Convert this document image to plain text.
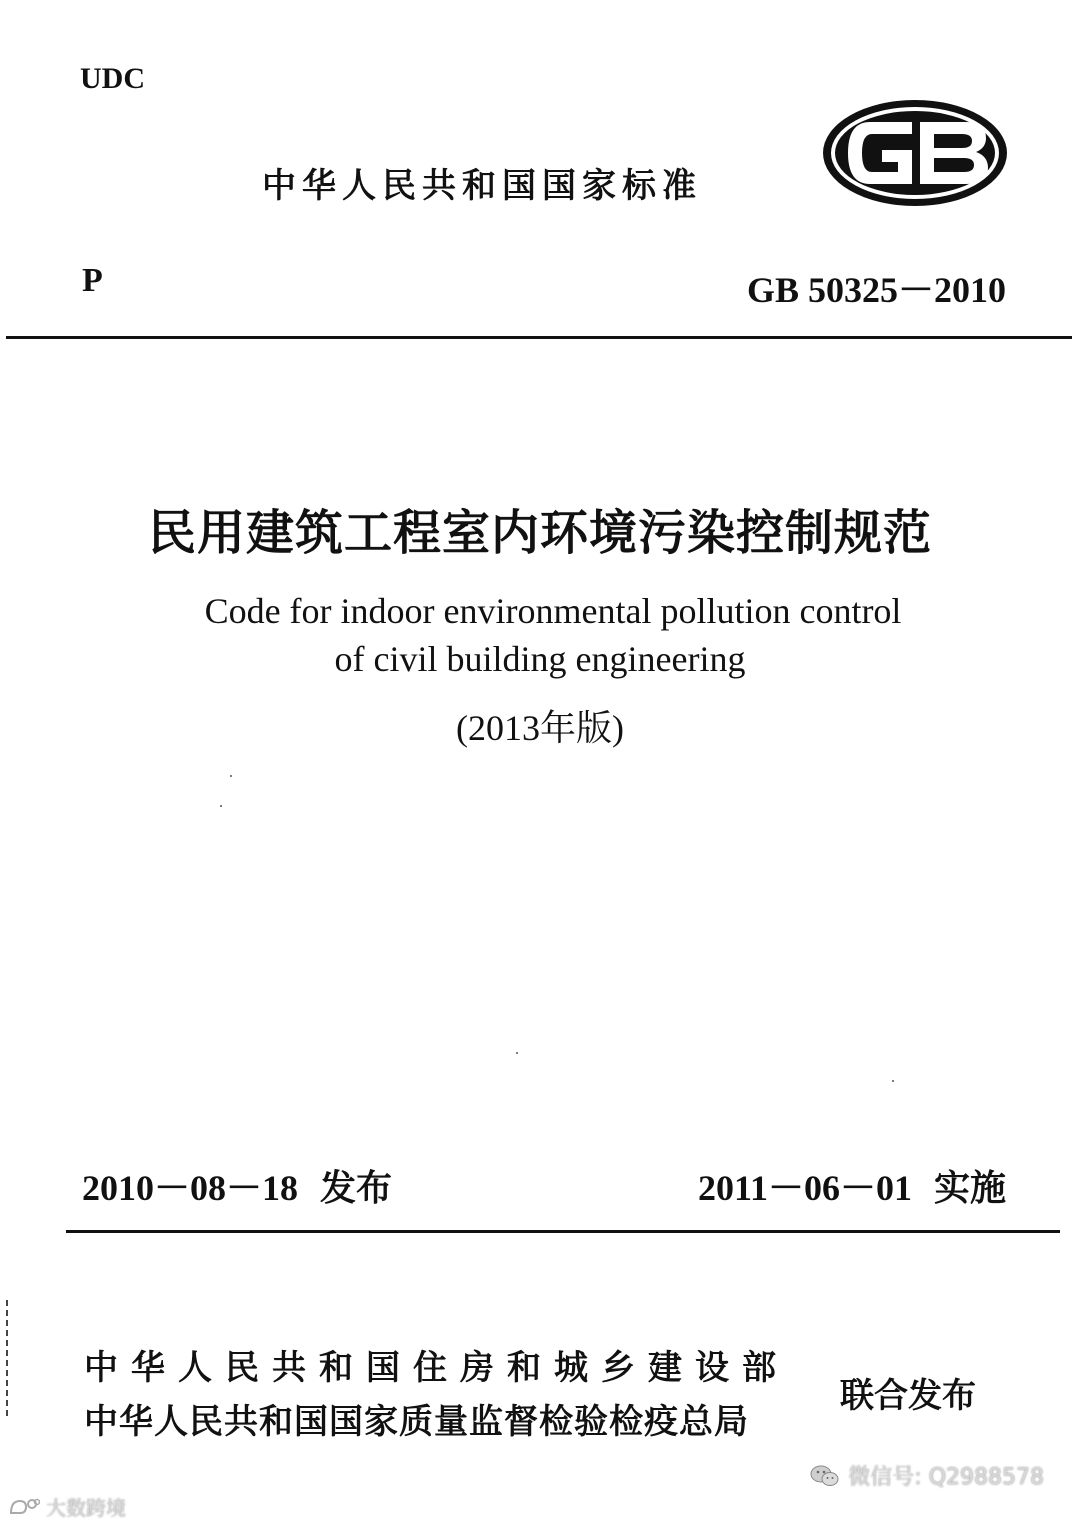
UDC
中华人民共和国国家标准
P	GB 50325－2010
民用建筑工程室内环境污染控制规范
Code for indoor environmental pollution control
of civil building engineering
(2013年版)
2010－08－18 发布	2011－06－01 实施
中华人民共和国住房和城乡建设部
中华人民共和国国家质量监督检验检疫总局
联合发布
微信号: Q2988578
大数跨境
